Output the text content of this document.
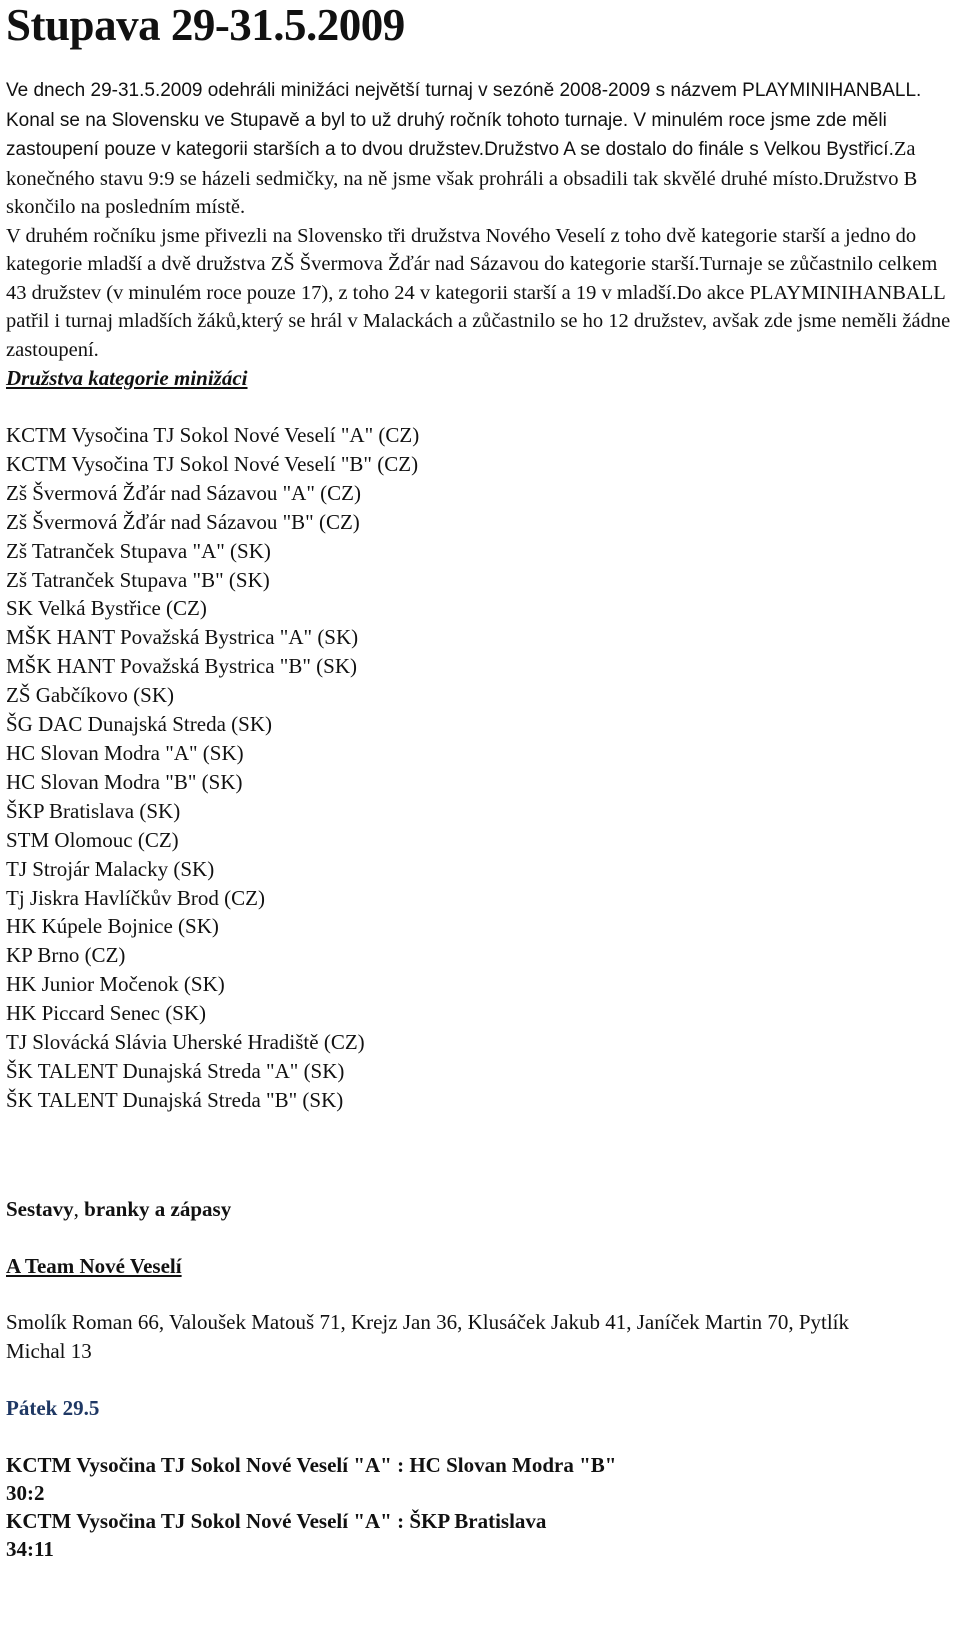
Stupava 29-31.5.2009

Ve dnech 29-31.5.2009 odehráli minižáci největší turnaj v sezóně 2008-2009 s názvem PLAYMINIHANBALL. Konal se na Slovensku ve Stupavě a byl to už druhý ročník tohoto turnaje. V minulém roce jsme zde měli zastoupení pouze v kategorii starších a to dvou družstev.Družstvo A se dostalo do finále s Velkou Bystřicí.Za konečného stavu 9:9 se házeli sedmičky, na ně jsme však prohráli a obsadili tak skvělé druhé místo.Družstvo B skončilo na posledním místě.

V druhém ročníku jsme přivezli na Slovensko tři družstva Nového Veselí z toho dvě kategorie starší a jedno do kategorie mladší a dvě družstva ZŠ Švermova Žďár nad Sázavou do kategorie starší.Turnaje se zůčastnilo celkem 43 družstev (v minulém roce pouze 17), z toho 24 v kategorii starší a 19 v mladší.Do akce PLAYMINIHANBALL patřil i turnaj mladších žáků,který se hrál v Malackách a zůčastnilo se ho 12 družstev, avšak zde jsme neměli žádne zastoupení.

Družstva kategorie minižáci

KCTM Vysočina TJ Sokol Nové Veselí "A" (CZ)
KCTM Vysočina TJ Sokol Nové Veselí "B" (CZ)
Zš Švermová Žďár nad Sázavou "A" (CZ)
Zš Švermová Žďár nad Sázavou "B" (CZ)
Zš Tatranček Stupava "A" (SK)
Zš Tatranček Stupava "B" (SK)
SK Velká Bystřice (CZ)
MŠK HANT Považská Bystrica "A" (SK)
MŠK HANT Považská Bystrica "B" (SK)
ZŠ Gabčíkovo (SK)
ŠG DAC Dunajská Streda (SK)
HC Slovan Modra "A" (SK)
HC Slovan Modra "B" (SK)
ŠKP Bratislava (SK)
STM Olomouc (CZ)
TJ Strojár Malacky (SK)
Tj Jiskra Havlíčkův Brod (CZ)
HK Kúpele Bojnice (SK)
KP Brno (CZ)
HK Junior Močenok (SK)
HK Piccard Senec (SK)
TJ Slovácká Slávia Uherské Hradiště (CZ)
ŠK TALENT Dunajská Streda "A" (SK)
ŠK TALENT Dunajská Streda "B" (SK)

Sestavy, branky a zápasy

A Team Nové Veselí

Smolík Roman 66, Valoušek Matouš 71, Krejz Jan 36, Klusáček Jakub 41, Janíček Martin 70, Pytlík Michal 13

Pátek 29.5

KCTM Vysočina TJ Sokol Nové Veselí "A" : HC Slovan Modra "B"

30:2

KCTM Vysočina TJ Sokol Nové Veselí "A" : ŠKP Bratislava

34:11
